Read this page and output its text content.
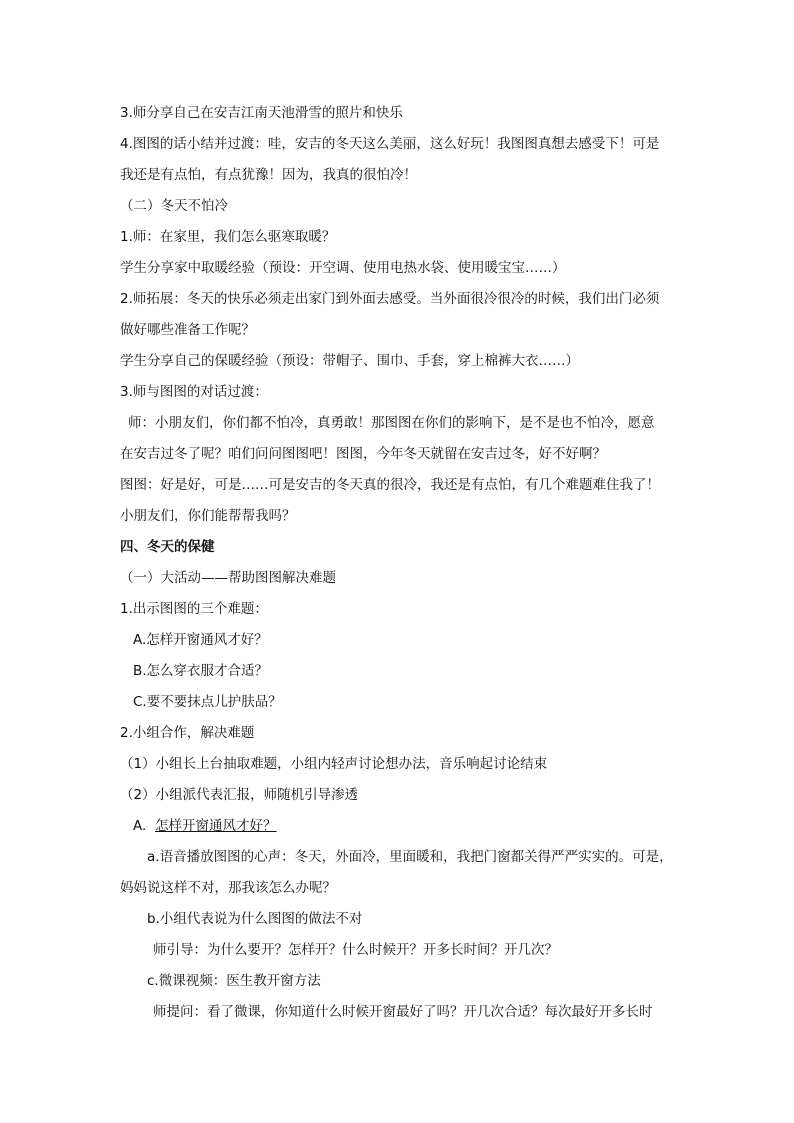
3.师分享自己在安吉江南天池滑雪的照片和快乐
4.图图的话小结并过渡：哇，安吉的冬天这么美丽，这么好玩！我图图真想去感受下！可是
我还是有点怕，有点犹豫！因为，我真的很怕冷！
（二）冬天不怕冷
1.师：在家里，我们怎么驱寒取暖？
学生分享家中取暖经验（预设：开空调、使用电热水袋、使用暖宝宝……）
2.师拓展：冬天的快乐必须走出家门到外面去感受。当外面很冷很冷的时候，我们出门必须
做好哪些准备工作呢？
学生分享自己的保暖经验（预设：带帽子、围巾、手套，穿上棉裤大衣……）
3.师与图图的对话过渡：
师：小朋友们，你们都不怕冷，真勇敢！那图图在你们的影响下，是不是也不怕冷，愿意
在安吉过冬了呢？咱们问问图图吧！图图，今年冬天就留在安吉过冬，好不好啊？
图图：好是好，可是……可是安吉的冬天真的很冷，我还是有点怕，有几个难题难住我了！
小朋友们，你们能帮帮我吗？
四、冬天的保健
（一）大活动——帮助图图解决难题
1.出示图图的三个难题：
A.怎样开窗通风才好？
B.怎么穿衣服才合适？
C.要不要抹点儿护肤品？
2.小组合作，解决难题
（1）小组长上台抽取难题，小组内轻声讨论想办法，音乐响起讨论结束
（2）小组派代表汇报，师随机引导渗透
A. 怎样开窗通风才好？
a.语音播放图图的心声：冬天，外面冷，里面暖和，我把门窗都关得严严实实的。可是，
妈妈说这样不对，那我该怎么办呢？
b.小组代表说为什么图图的做法不对
师引导：为什么要开？怎样开？什么时候开？开多长时间？开几次？
c.微课视频：医生教开窗方法
师提问：看了微课，你知道什么时候开窗最好了吗？开几次合适？每次最好开多长时
